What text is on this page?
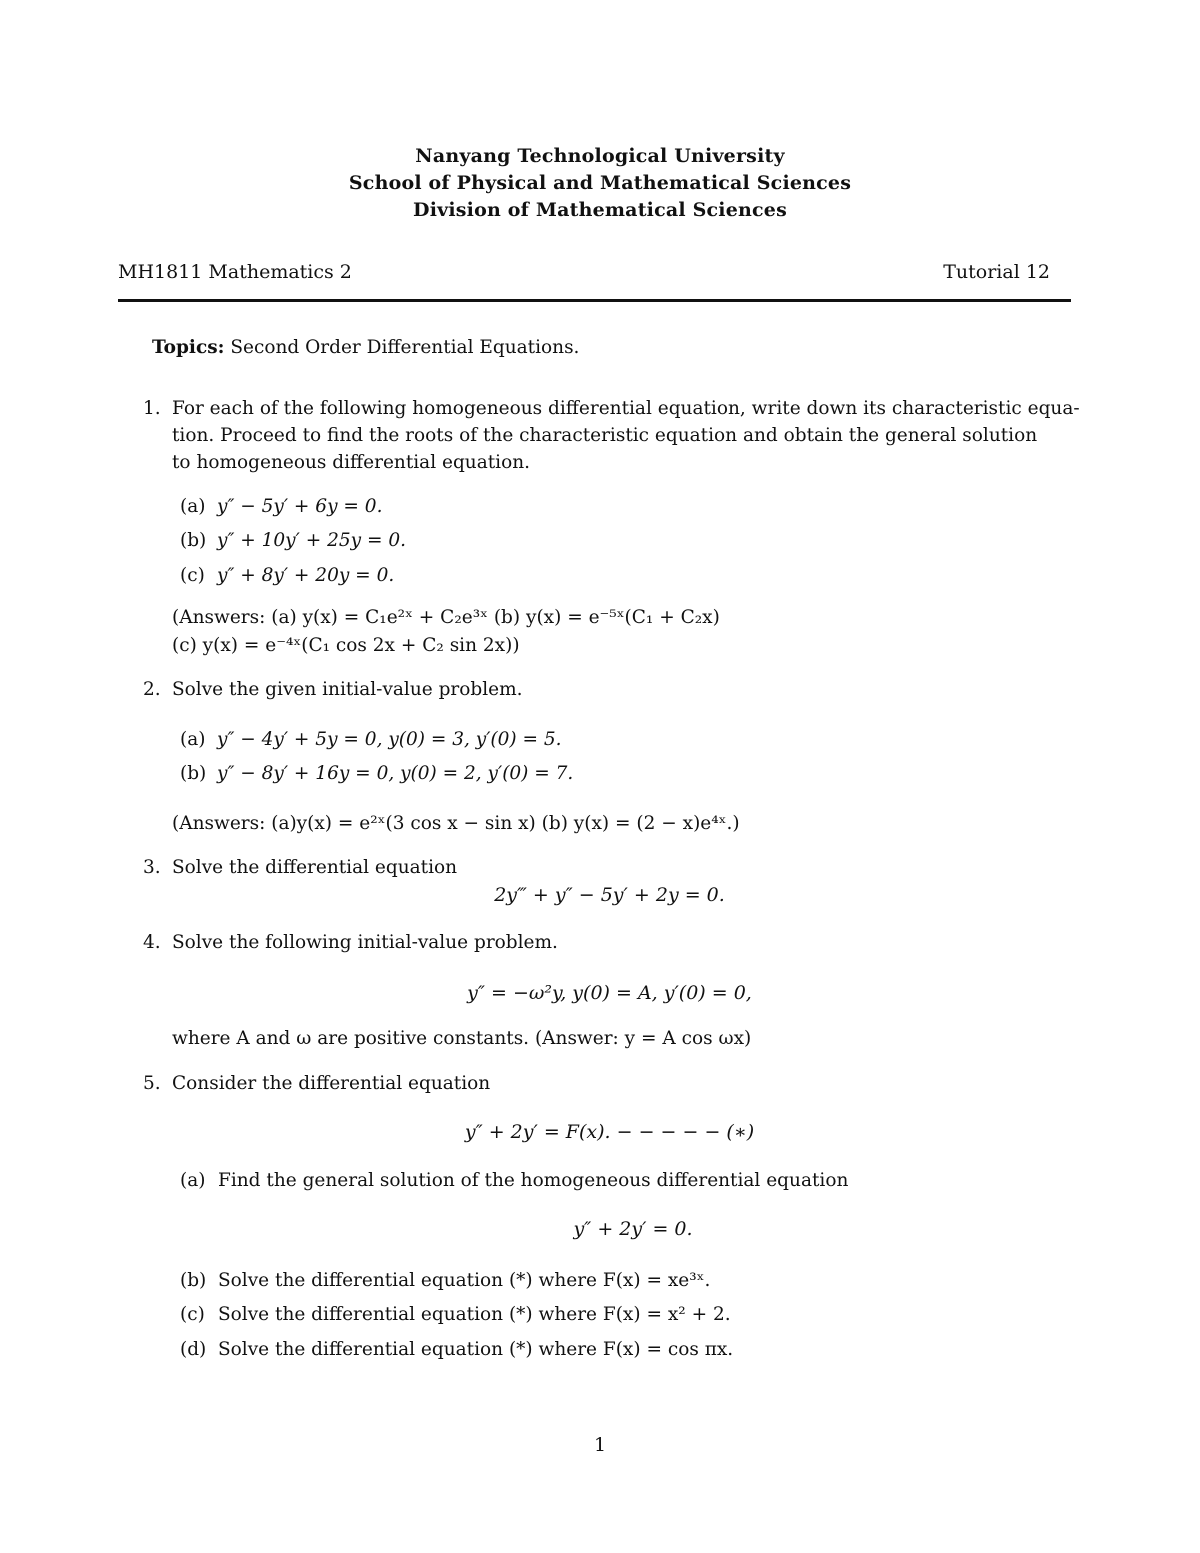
Nanyang Technological University
School of Physical and Mathematical Sciences
Division of Mathematical Sciences
MH1811 Mathematics 2	Tutorial 12
Topics: Second Order Differential Equations.
1. For each of the following homogeneous differential equation, write down its characteristic equa-
tion. Proceed to find the roots of the characteristic equation and obtain the general solution
to homogeneous differential equation.
(a) y″ − 5y′ + 6y = 0.
(b) y″ + 10y′ + 25y = 0.
(c) y″ + 8y′ + 20y = 0.
(Answers: (a) y(x) = C₁e²ˣ + C₂e³ˣ (b) y(x) = e⁻⁵ˣ(C₁ + C₂x)
(c) y(x) = e⁻⁴ˣ(C₁ cos 2x + C₂ sin 2x))
2. Solve the given initial-value problem.
(a) y″ − 4y′ + 5y = 0, y(0) = 3, y′(0) = 5.
(b) y″ − 8y′ + 16y = 0, y(0) = 2, y′(0) = 7.
(Answers: (a)y(x) = e²ˣ(3 cos x − sin x) (b) y(x) = (2 − x)e⁴ˣ.)
3. Solve the differential equation
2y‴ + y″ − 5y′ + 2y = 0.
4. Solve the following initial-value problem.
y″ = −ω²y, y(0) = A, y′(0) = 0,
where A and ω are positive constants. (Answer: y = A cos ωx)
5. Consider the differential equation
y″ + 2y′ = F(x). − − − − − (∗)
(a) Find the general solution of the homogeneous differential equation
y″ + 2y′ = 0.
(b) Solve the differential equation (*) where F(x) = xe³ˣ.
(c) Solve the differential equation (*) where F(x) = x² + 2.
(d) Solve the differential equation (*) where F(x) = cos πx.
1
